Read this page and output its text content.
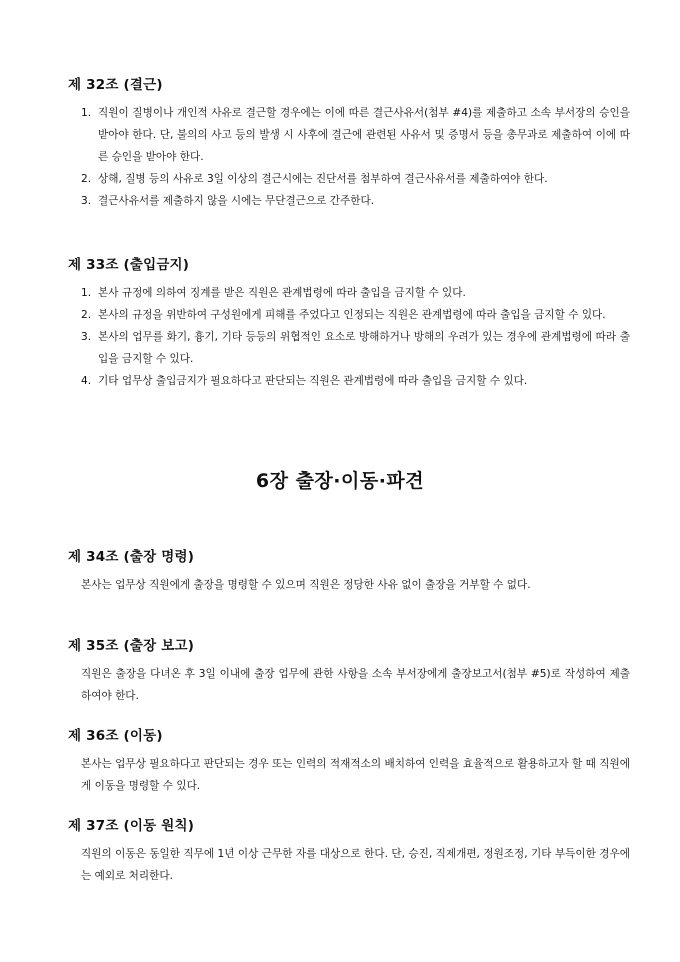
제 32조 (결근)
1. 직원이 질병이나 개인적 사유로 결근할 경우에는 이에 따른 결근사유서(첨부 #4)를 제출하고 소속 부서장의 승인을 받아야 한다. 단, 불의의 사고 등의 발생 시 사후에 결근에 관련된 사유서 및 증명서 등을 총무과로 제출하여 이에 따른 승인을 받아야 한다.
2. 상해, 질병 등의 사유로 3일 이상의 결근시에는 진단서를 첨부하여 결근사유서를 제출하여야 한다.
3. 결근사유서를 제출하지 않을 시에는 무단결근으로 간주한다.
제 33조 (출입금지)
1. 본사 규정에 의하여 징계를 받은 직원은 관계법령에 따라 출입을 금지할 수 있다.
2. 본사의 규정을 위반하여 구성원에게 피해를 주었다고 인정되는 직원은 관계법령에 따라 출입을 금지할 수 있다.
3. 본사의 업무를 화기, 흉기, 기타 등등의 위협적인 요소로 방해하거나 방해의 우려가 있는 경우에 관계법령에 따라 출입을 금지할 수 있다.
4. 기타 업무상 출입금지가 필요하다고 판단되는 직원은 관계법령에 따라 출입을 금지할 수 있다.
6장 출장·이동·파견
제 34조 (출장 명령)

본사는 업무상 직원에게 출장을 명령할 수 있으며 직원은 정당한 사유 없이 출장을 거부할 수 없다.

제 35조 (출장 보고)

직원은 출장을 다녀온 후 3일 이내에 출장 업무에 관한 사항을 소속 부서장에게 출장보고서(첨부 #5)로 작성하여 제출하여야 한다.

제 36조 (이동)

본사는 업무상 필요하다고 판단되는 경우 또는 인력의 적재적소의 배치하여 인력을 효율적으로 활용하고자 할 때 직원에게 이동을 명령할 수 있다.

제 37조 (이동 원칙)

직원의 이동은 동일한 직무에 1년 이상 근무한 자를 대상으로 한다. 단, 승진, 직제개편, 정원조정, 기타 부득이한 경우에는 예외로 처리한다.
